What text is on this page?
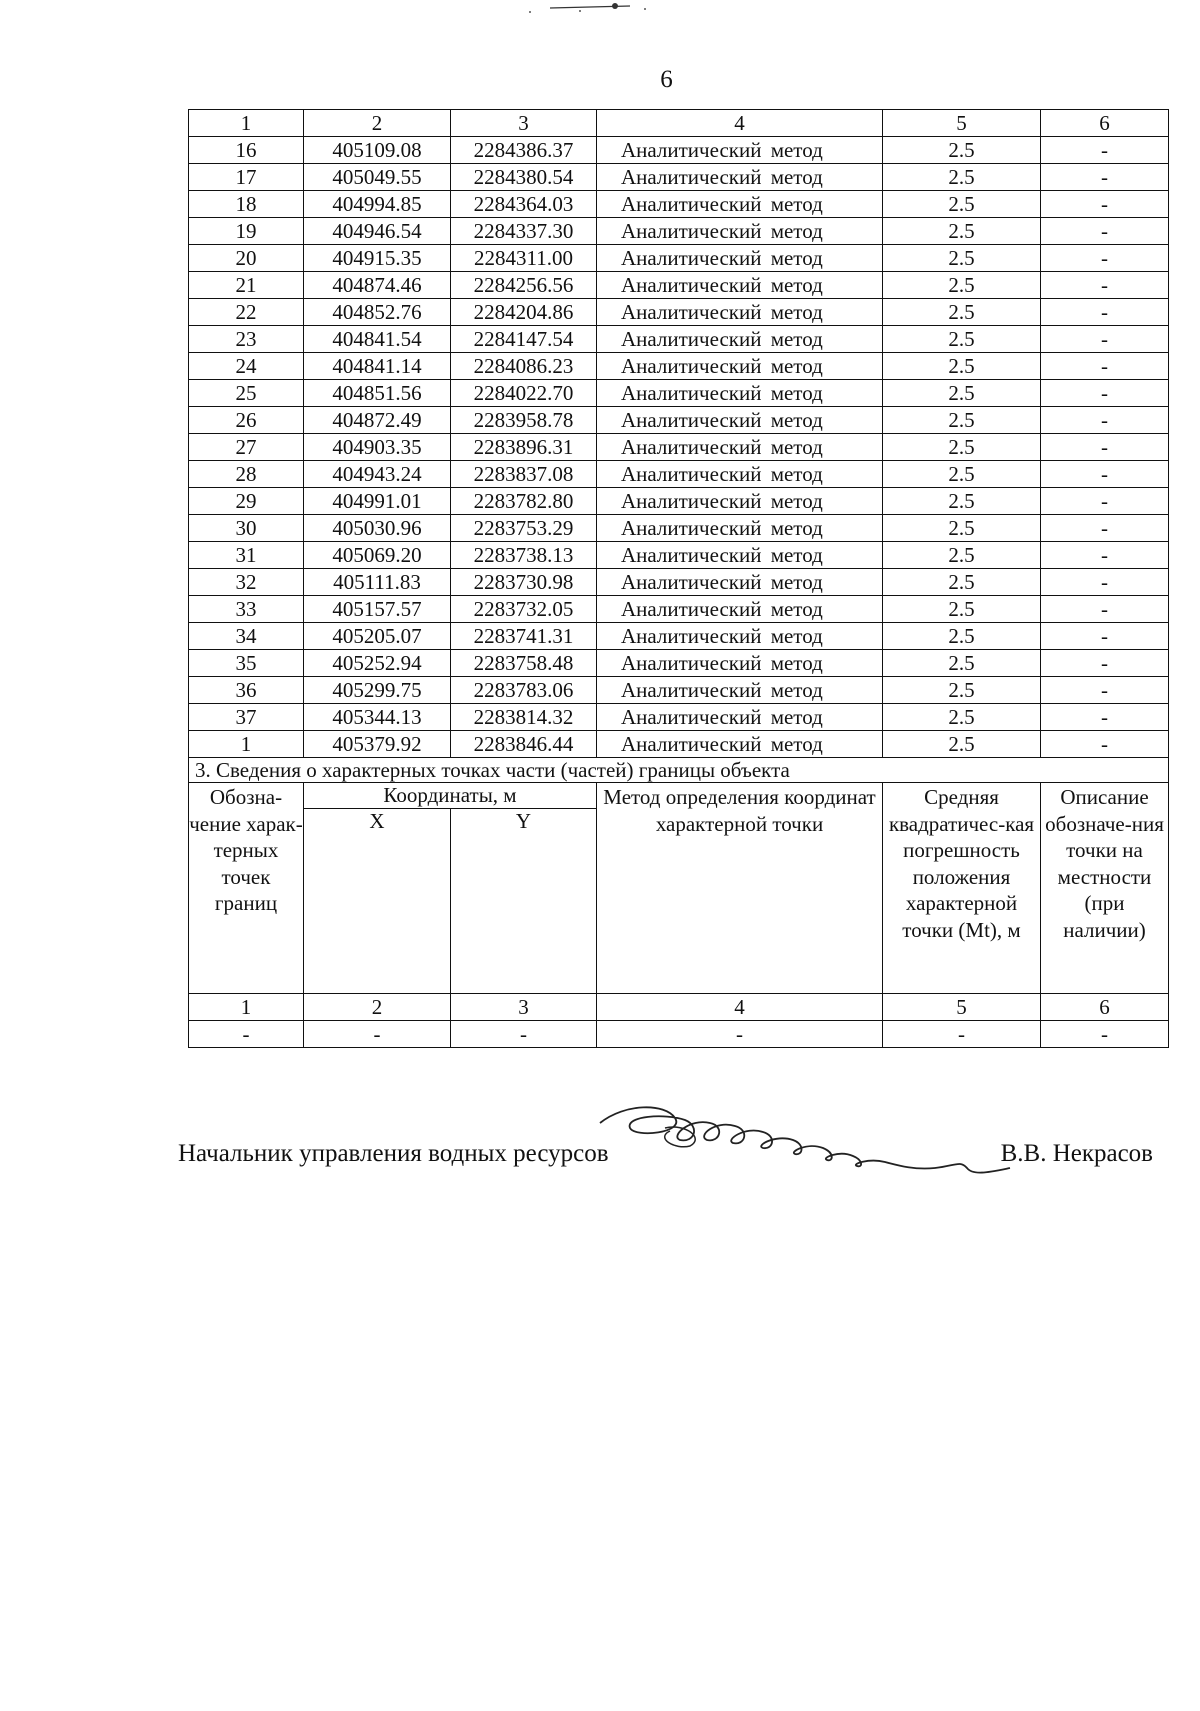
6
1	2	3	4	5	6
16	405109.08	2284386.37	Аналитический метод	2.5	-
17	405049.55	2284380.54	Аналитический метод	2.5	-
18	404994.85	2284364.03	Аналитический метод	2.5	-
19	404946.54	2284337.30	Аналитический метод	2.5	-
20	404915.35	2284311.00	Аналитический метод	2.5	-
21	404874.46	2284256.56	Аналитический метод	2.5	-
22	404852.76	2284204.86	Аналитический метод	2.5	-
23	404841.54	2284147.54	Аналитический метод	2.5	-
24	404841.14	2284086.23	Аналитический метод	2.5	-
25	404851.56	2284022.70	Аналитический метод	2.5	-
26	404872.49	2283958.78	Аналитический метод	2.5	-
27	404903.35	2283896.31	Аналитический метод	2.5	-
28	404943.24	2283837.08	Аналитический метод	2.5	-
29	404991.01	2283782.80	Аналитический метод	2.5	-
30	405030.96	2283753.29	Аналитический метод	2.5	-
31	405069.20	2283738.13	Аналитический метод	2.5	-
32	405111.83	2283730.98	Аналитический метод	2.5	-
33	405157.57	2283732.05	Аналитический метод	2.5	-
34	405205.07	2283741.31	Аналитический метод	2.5	-
35	405252.94	2283758.48	Аналитический метод	2.5	-
36	405299.75	2283783.06	Аналитический метод	2.5	-
37	405344.13	2283814.32	Аналитический метод	2.5	-
1	405379.92	2283846.44	Аналитический метод	2.5	-
3. Сведения о характерных точках части (частей) границы объекта					
Обозна-чение харак-терных точек границ	Координаты, м		Метод определения координат характерной точки	Средняя квадратичес-кая погрешность положения характерной точки (Mt), м	Описание обозначе-ния точки на местности (при наличии)
	X	Y			
1	2	3	4	5	6
-	-	-	-	-	-
Начальник управления водных ресурсов	В.В. Некрасов
